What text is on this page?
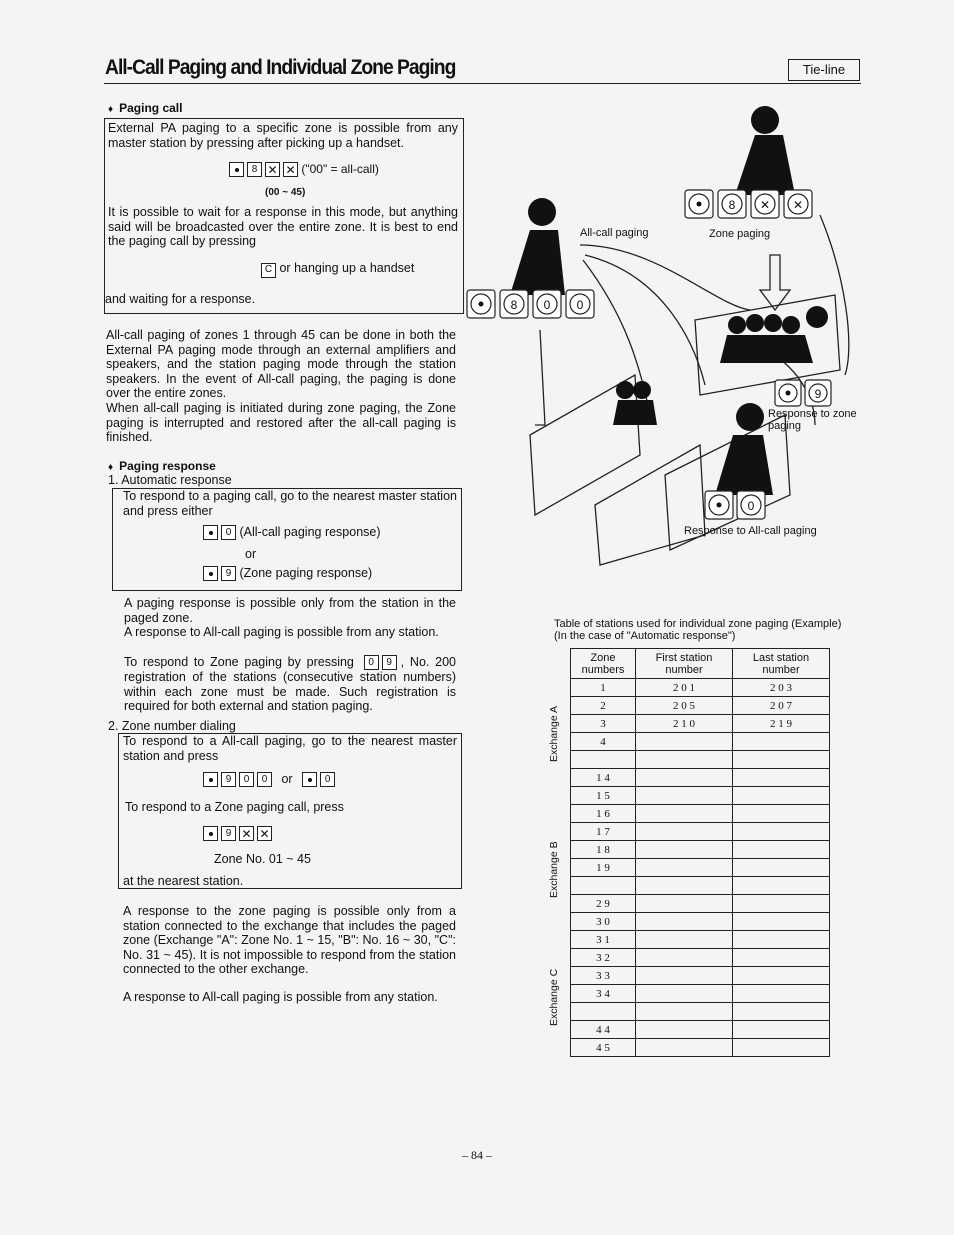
All-Call Paging and Individual Zone Paging	Tie-line
♦ Paging call
External PA paging to a specific zone is possible from any master station by pressing after picking up a handset.
8 ✕ ✕ ("00" = all-call)
(00 ~ 45)
It is possible to wait for a response in this mode, but anything said will be broadcasted over the entire zone. It is best to end the paging call by pressing
C or hanging up a handset
and waiting for a response.
All-call paging of zones 1 through 45 can be done in both the External PA paging mode through an external amplifiers and speakers, and the station paging mode through the station speakers. In the event of All-call paging, the paging is done over the entire zones.
When all-call paging is initiated during zone paging, the Zone paging is interrupted and restored after the all-call paging is finished.
♦ Paging response
1. Automatic response
To respond to a paging call, go to the nearest master station and press either
0 (All-call paging response)
or
9 (Zone paging response)
A paging response is possible only from the station in the paged zone.
A response to All-call paging is possible from any station.
To respond to Zone paging by pressing	0	9 , No. 200 registration of the stations (consecutive station numbers) within each zone must be made. Such registration is required for both external and station paging.
2. Zone number dialing
To respond to a All-call paging, go to the nearest master station and press
9	0	0	or	0
To respond to a Zone paging call, press
9 ✕ ✕
Zone No. 01 ~ 45
at the nearest station.
A response to the zone paging is possible only from a station connected to the exchange that includes the paged zone (Exchange "A": Zone No. 1 ~ 15, "B": No. 16 ~ 30, "C": No. 31 ~ 45). It is not impossible to respond from the station connected to the other exchange.
A response to All-call paging is possible from any station.
8 ✕ ✕
8 0 0
9
0
All-call paging	Zone paging
Response to zone paging
Response to All-call paging
Table of stations used for individual zone paging (Example)
(In the case of "Automatic response")
Zone numbers	First station number	Last station number
1	2 0 1	2 0 3
2	2 0 5	2 0 7
3	2 1 0	2 1 9
4		

1 4		
1 5		
1 6		
1 7		
1 8		
1 9		

2 9		
3 0		
3 1		
3 2		
3 3		
3 4		

4 4		
4 5		
Exchange A
Exchange B
Exchange C
– 84 –
